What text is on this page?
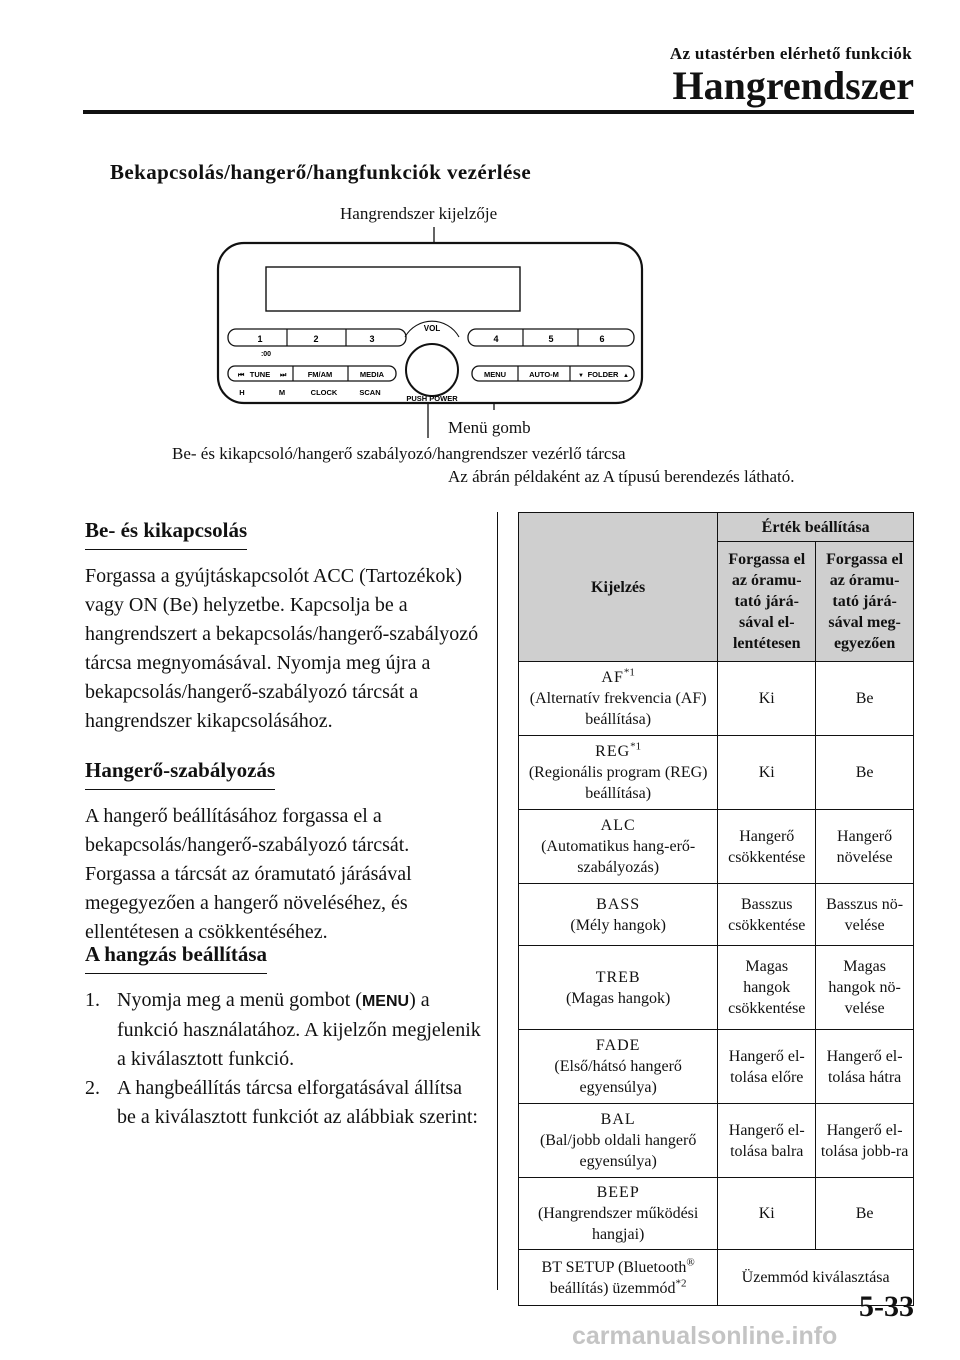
Az utastérben elérhető funkciók
Hangrendszer
Bekapcsolás/hangerő/hangfunkciók vezérlése
Hangrendszer kijelzője
Menü gomb
Be- és kikapcsoló/hangerő szabályozó/hangrendszer vezérlő tárcsa
Az ábrán példaként az A típusú berendezés látható.
1	2	3	4	5	6
:00
VOL
PUSH POWER
⏮ TUNE ⏭	FM/AM	MEDIA	MENU	AUTO-M	▼ FOLDER ▲
H	M	CLOCK	SCAN
Be- és kikapcsolás

Forgassa a gyújtáskapcsolót ACC (Tartozékok) vagy ON (Be) helyzetbe. Kapcsolja be a hangrendszert a bekapcsolás/hangerő-szabályozó tárcsa megnyomásával. Nyomja meg újra a bekapcsolás/hangerő-szabályozó tárcsát a hangrendszer kikapcsolásához.

Hangerő-szabályozás

A hangerő beállításához forgassa el a bekapcsolás/hangerő-szabályozó tárcsát. Forgassa a tárcsát az óramutató járásával megegyezően a hangerő növeléséhez, és ellentétesen a csökkentéséhez.

A hangzás beállítása
1. Nyomja meg a menü gombot (MENU) a funkció használatához. A kijelzőn megjelenik a kiválasztott funkció.
2. A hangbeállítás tárcsa elforgatásával állítsa be a kiválasztott funkciót az alábbiak szerint:
Kijelzés	Érték beállítása	
	Forgassa el az óramu-tató járá-sával el-lentétesen	Forgassa el az óramu-tató járá-sával meg-egyezően
AF$^{*1}$
(Alternatív frekvencia (AF) beállítása)	Ki	Be
REG$^{*1}$
(Regionális program (REG) beállítása)	Ki	Be
ALC
(Automatikus hang-erő-szabályozás)	Hangerő csökkentése	Hangerő növelése
BASS
(Mély hangok)	Basszus csökkentése	Basszus nö-velése
TREB
(Magas hangok)	Magas hangok csökkentése	Magas hangok nö-velése
FADE
(Első/hátsó hangerő egyensúlya)	Hangerő el-tolása előre	Hangerő el-tolása hátra
BAL
(Bal/jobb oldali hangerő egyensúlya)	Hangerő el-tolása balra	Hangerő el-tolása jobb-ra
BEEP
(Hangrendszer működési hangjai)	Ki	Be
BT SETUP (Bluetooth®
beállítás) üzemmód$^{*2}$	Üzemmód kiválasztása	
5-33
carmanualsonline.info
